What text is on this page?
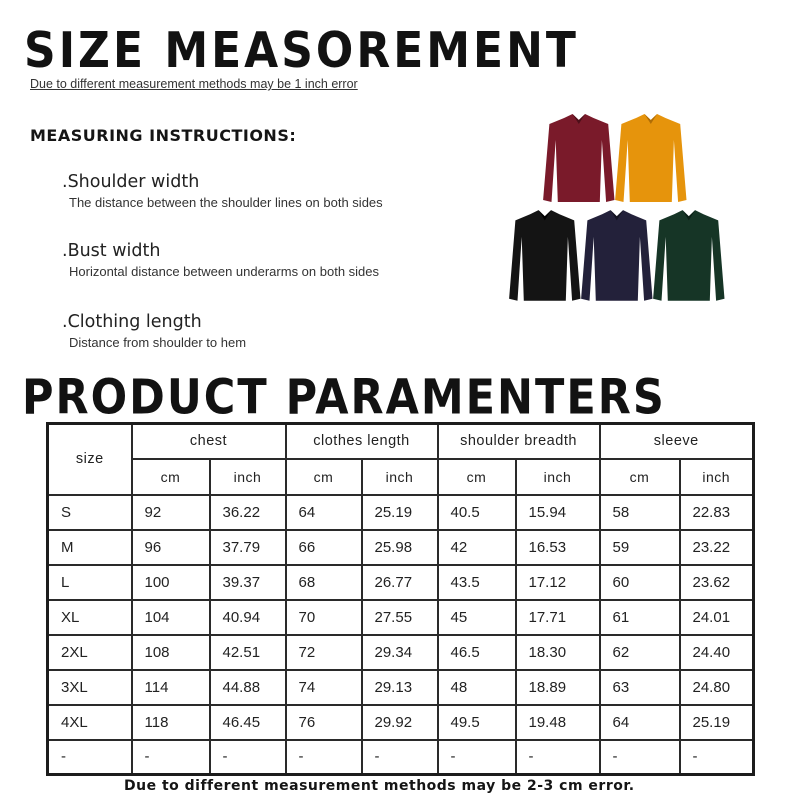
SIZE MEASOREMENT
Due to different measurement methods may be 1 inch error
MEASURING INSTRUCTIONS:
.Shoulder width
The distance between the shoulder lines on both sides
.Bust width
Horizontal distance between underarms on both sides
.Clothing length
Distance from shoulder to hem
PRODUCT PARAMENTERS
size	chest		clothes length		shoulder breadth		sleeve	
	cm	inch	cm	inch	cm	inch	cm	inch
S	92	36.22	64	25.19	40.5	15.94	58	22.83
M	96	37.79	66	25.98	42	16.53	59	23.22
L	100	39.37	68	26.77	43.5	17.12	60	23.62
XL	104	40.94	70	27.55	45	17.71	61	24.01
2XL	108	42.51	72	29.34	46.5	18.30	62	24.40
3XL	114	44.88	74	29.13	48	18.89	63	24.80
4XL	118	46.45	76	29.92	49.5	19.48	64	25.19
-	-	-	-	-	-	-	-	-
Due to different measurement methods may be 2-3 cm error.
